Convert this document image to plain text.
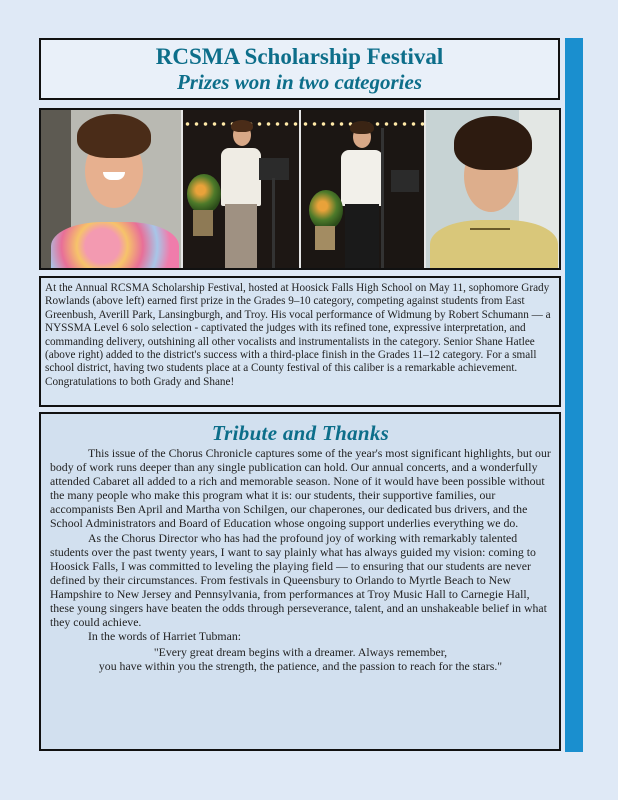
RCSMA Scholarship Festival
Prizes won in two categories
At the Annual RCSMA Scholarship Festival, hosted at Hoosick Falls High School on May 11, sophomore Grady Rowlands (above left) earned first prize in the Grades 9–10 category, competing against students from East Greenbush, Averill Park, Lansingburgh, and Troy. His vocal performance of Widmung by Robert Schumann — a NYSSMA Level 6 solo selection - captivated the judges with its refined tone, expressive interpretation, and commanding delivery, outshining all other vocalists and instrumentalists in the category. Senior Shane Hatlee (above right) added to the district's success with a third-place finish in the Grades 11–12 category. For a small school district, having two students place at a County festival of this caliber is a remarkable achievement. Congratulations to both Grady and Shane!
Tribute and Thanks

This issue of the Chorus Chronicle captures some of the year's most significant highlights, but our body of work runs deeper than any single publication can hold. Our annual concerts, and a wonderfully attended Cabaret all added to a rich and memorable season. None of it would have been possible without the many people who make this program what it is: our students, their supportive families, our accompanists Ben April and Martha von Schilgen, our chaperones, our dedicated bus drivers, and the School Administrators and Board of Education whose ongoing support underlies everything we do.

As the Chorus Director who has had the profound joy of working with remarkably talented students over the past twenty years, I want to say plainly what has always guided my vision: coming to Hoosick Falls, I was committed to leveling the playing field — to ensuring that our students are never defined by their circumstances. From festivals in Queensbury to Orlando to Myrtle Beach to New Hampshire to New Jersey and Pennsylvania, from performances at Troy Music Hall to Carnegie Hall, these young singers have beaten the odds through perseverance, talent, and an unshakeable belief in what they could achieve.

In the words of Harriet Tubman:

"Every great dream begins with a dreamer. Always remember,

you have within you the strength, the patience, and the passion to reach for the stars."
